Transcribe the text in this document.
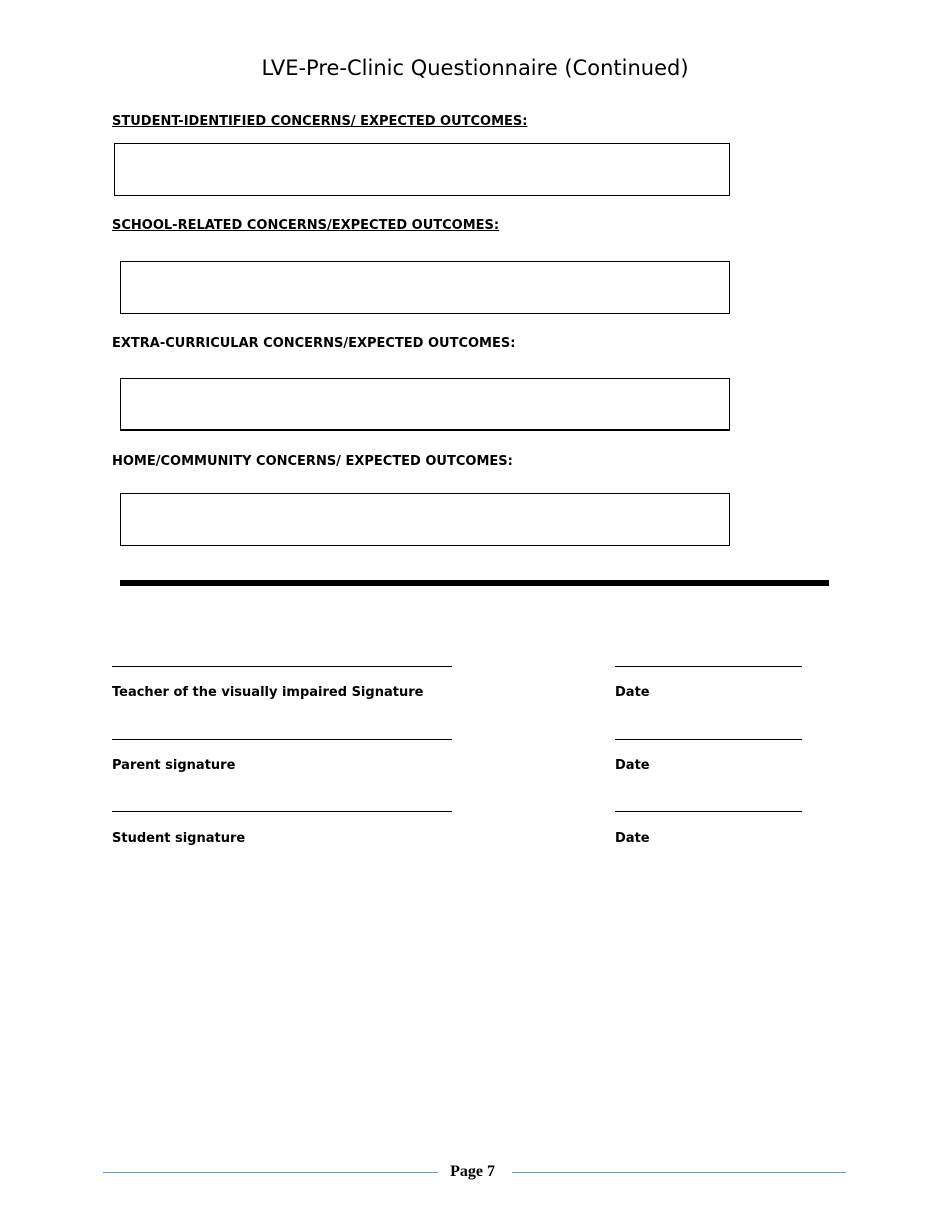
LVE-Pre-Clinic Questionnaire (Continued)
STUDENT-IDENTIFIED CONCERNS/ EXPECTED OUTCOMES:
SCHOOL-RELATED CONCERNS/EXPECTED OUTCOMES:
EXTRA-CURRICULAR CONCERNS/EXPECTED OUTCOMES:
HOME/COMMUNITY CONCERNS/ EXPECTED OUTCOMES:
Teacher of the visually impaired Signature	Date
Parent signature	Date
Student signature	Date
Page 7
